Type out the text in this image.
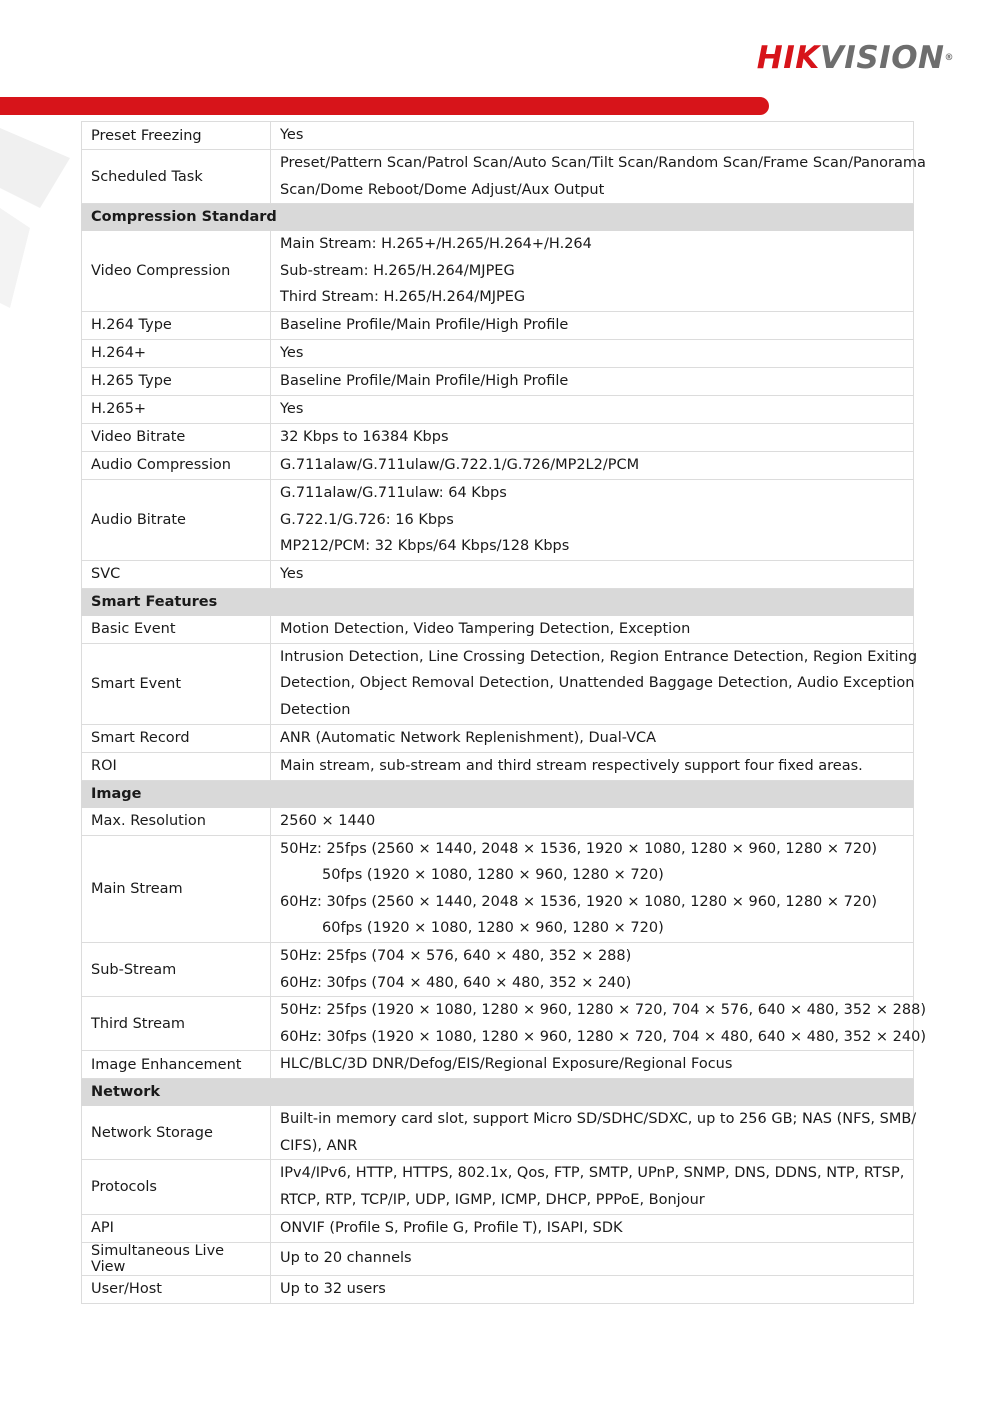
HIKVISION®
Preset Freezing	Yes

Scheduled Task	Preset/Pattern Scan/Patrol Scan/Auto Scan/Tilt Scan/Random Scan/Frame Scan/Panorama
Scan/Dome Reboot/Dome Adjust/Aux Output

Compression Standard	
Video Compression	Main Stream: H.265+/H.265/H.264+/H.264
Sub-stream: H.265/H.264/MJPEG
Third Stream: H.265/H.264/MJPEG

H.264 Type	Baseline Profile/Main Profile/High Profile

H.264+	Yes

H.265 Type	Baseline Profile/Main Profile/High Profile

H.265+	Yes

Video Bitrate	32 Kbps to 16384 Kbps

Audio Compression	G.711alaw/G.711ulaw/G.722.1/G.726/MP2L2/PCM

Audio Bitrate	G.711alaw/G.711ulaw: 64 Kbps
G.722.1/G.726: 16 Kbps
MP212/PCM: 32 Kbps/64 Kbps/128 Kbps

SVC	Yes

Smart Features	
Basic Event	Motion Detection, Video Tampering Detection, Exception

Smart Event	Intrusion Detection, Line Crossing Detection, Region Entrance Detection, Region Exiting
Detection, Object Removal Detection, Unattended Baggage Detection, Audio Exception
Detection

Smart Record	ANR (Automatic Network Replenishment), Dual-VCA

ROI	Main stream, sub-stream and third stream respectively support four fixed areas.

Image	
Max. Resolution	2560 × 1440

Main Stream	50Hz: 25fps (2560 × 1440, 2048 × 1536, 1920 × 1080, 1280 × 960, 1280 × 720)
50fps (1920 × 1080, 1280 × 960, 1280 × 720)
60Hz: 30fps (2560 × 1440, 2048 × 1536, 1920 × 1080, 1280 × 960, 1280 × 720)
60fps (1920 × 1080, 1280 × 960, 1280 × 720)

Sub-Stream	50Hz: 25fps (704 × 576, 640 × 480, 352 × 288)
60Hz: 30fps (704 × 480, 640 × 480, 352 × 240)

Third Stream	50Hz: 25fps (1920 × 1080, 1280 × 960, 1280 × 720, 704 × 576, 640 × 480, 352 × 288)
60Hz: 30fps (1920 × 1080, 1280 × 960, 1280 × 720, 704 × 480, 640 × 480, 352 × 240)

Image Enhancement	HLC/BLC/3D DNR/Defog/EIS/Regional Exposure/Regional Focus

Network	
Network Storage	Built-in memory card slot, support Micro SD/SDHC/SDXC, up to 256 GB; NAS (NFS, SMB/
CIFS), ANR

Protocols	IPv4/IPv6, HTTP, HTTPS, 802.1x, Qos, FTP, SMTP, UPnP, SNMP, DNS, DDNS, NTP, RTSP,
RTCP, RTP, TCP/IP, UDP, IGMP, ICMP, DHCP, PPPoE, Bonjour

API	ONVIF (Profile S, Profile G, Profile T), ISAPI, SDK

Simultaneous Live View	Up to 20 channels

User/Host	Up to 32 users
